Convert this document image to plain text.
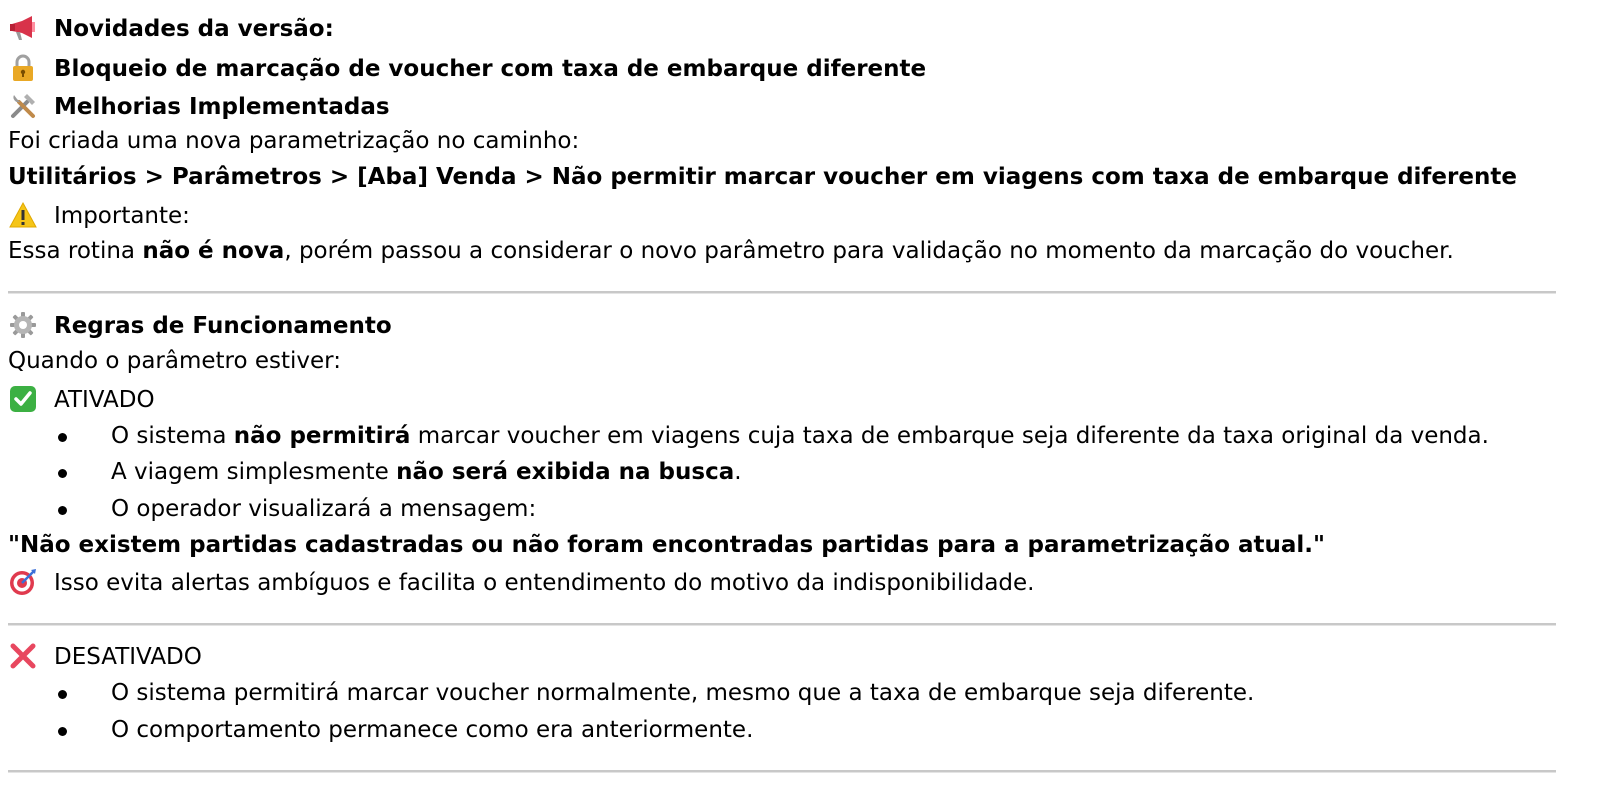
Novidades da versão:
Bloqueio de marcação de voucher com taxa de embarque diferente
Melhorias Implementadas
Foi criada uma nova parametrização no caminho:
Utilitários > Parâmetros > [Aba] Venda > Não permitir marcar voucher em viagens com taxa de embarque diferente
Importante:
Essa rotina não é nova, porém passou a considerar o novo parâmetro para validação no momento da marcação do voucher.
Regras de Funcionamento
Quando o parâmetro estiver:
ATIVADO
O sistema não permitirá marcar voucher em viagens cuja taxa de embarque seja diferente da taxa original da venda.
A viagem simplesmente não será exibida na busca.
O operador visualizará a mensagem:
"Não existem partidas cadastradas ou não foram encontradas partidas para a parametrização atual."
Isso evita alertas ambíguos e facilita o entendimento do motivo da indisponibilidade.
DESATIVADO
O sistema permitirá marcar voucher normalmente, mesmo que a taxa de embarque seja diferente.
O comportamento permanece como era anteriormente.
